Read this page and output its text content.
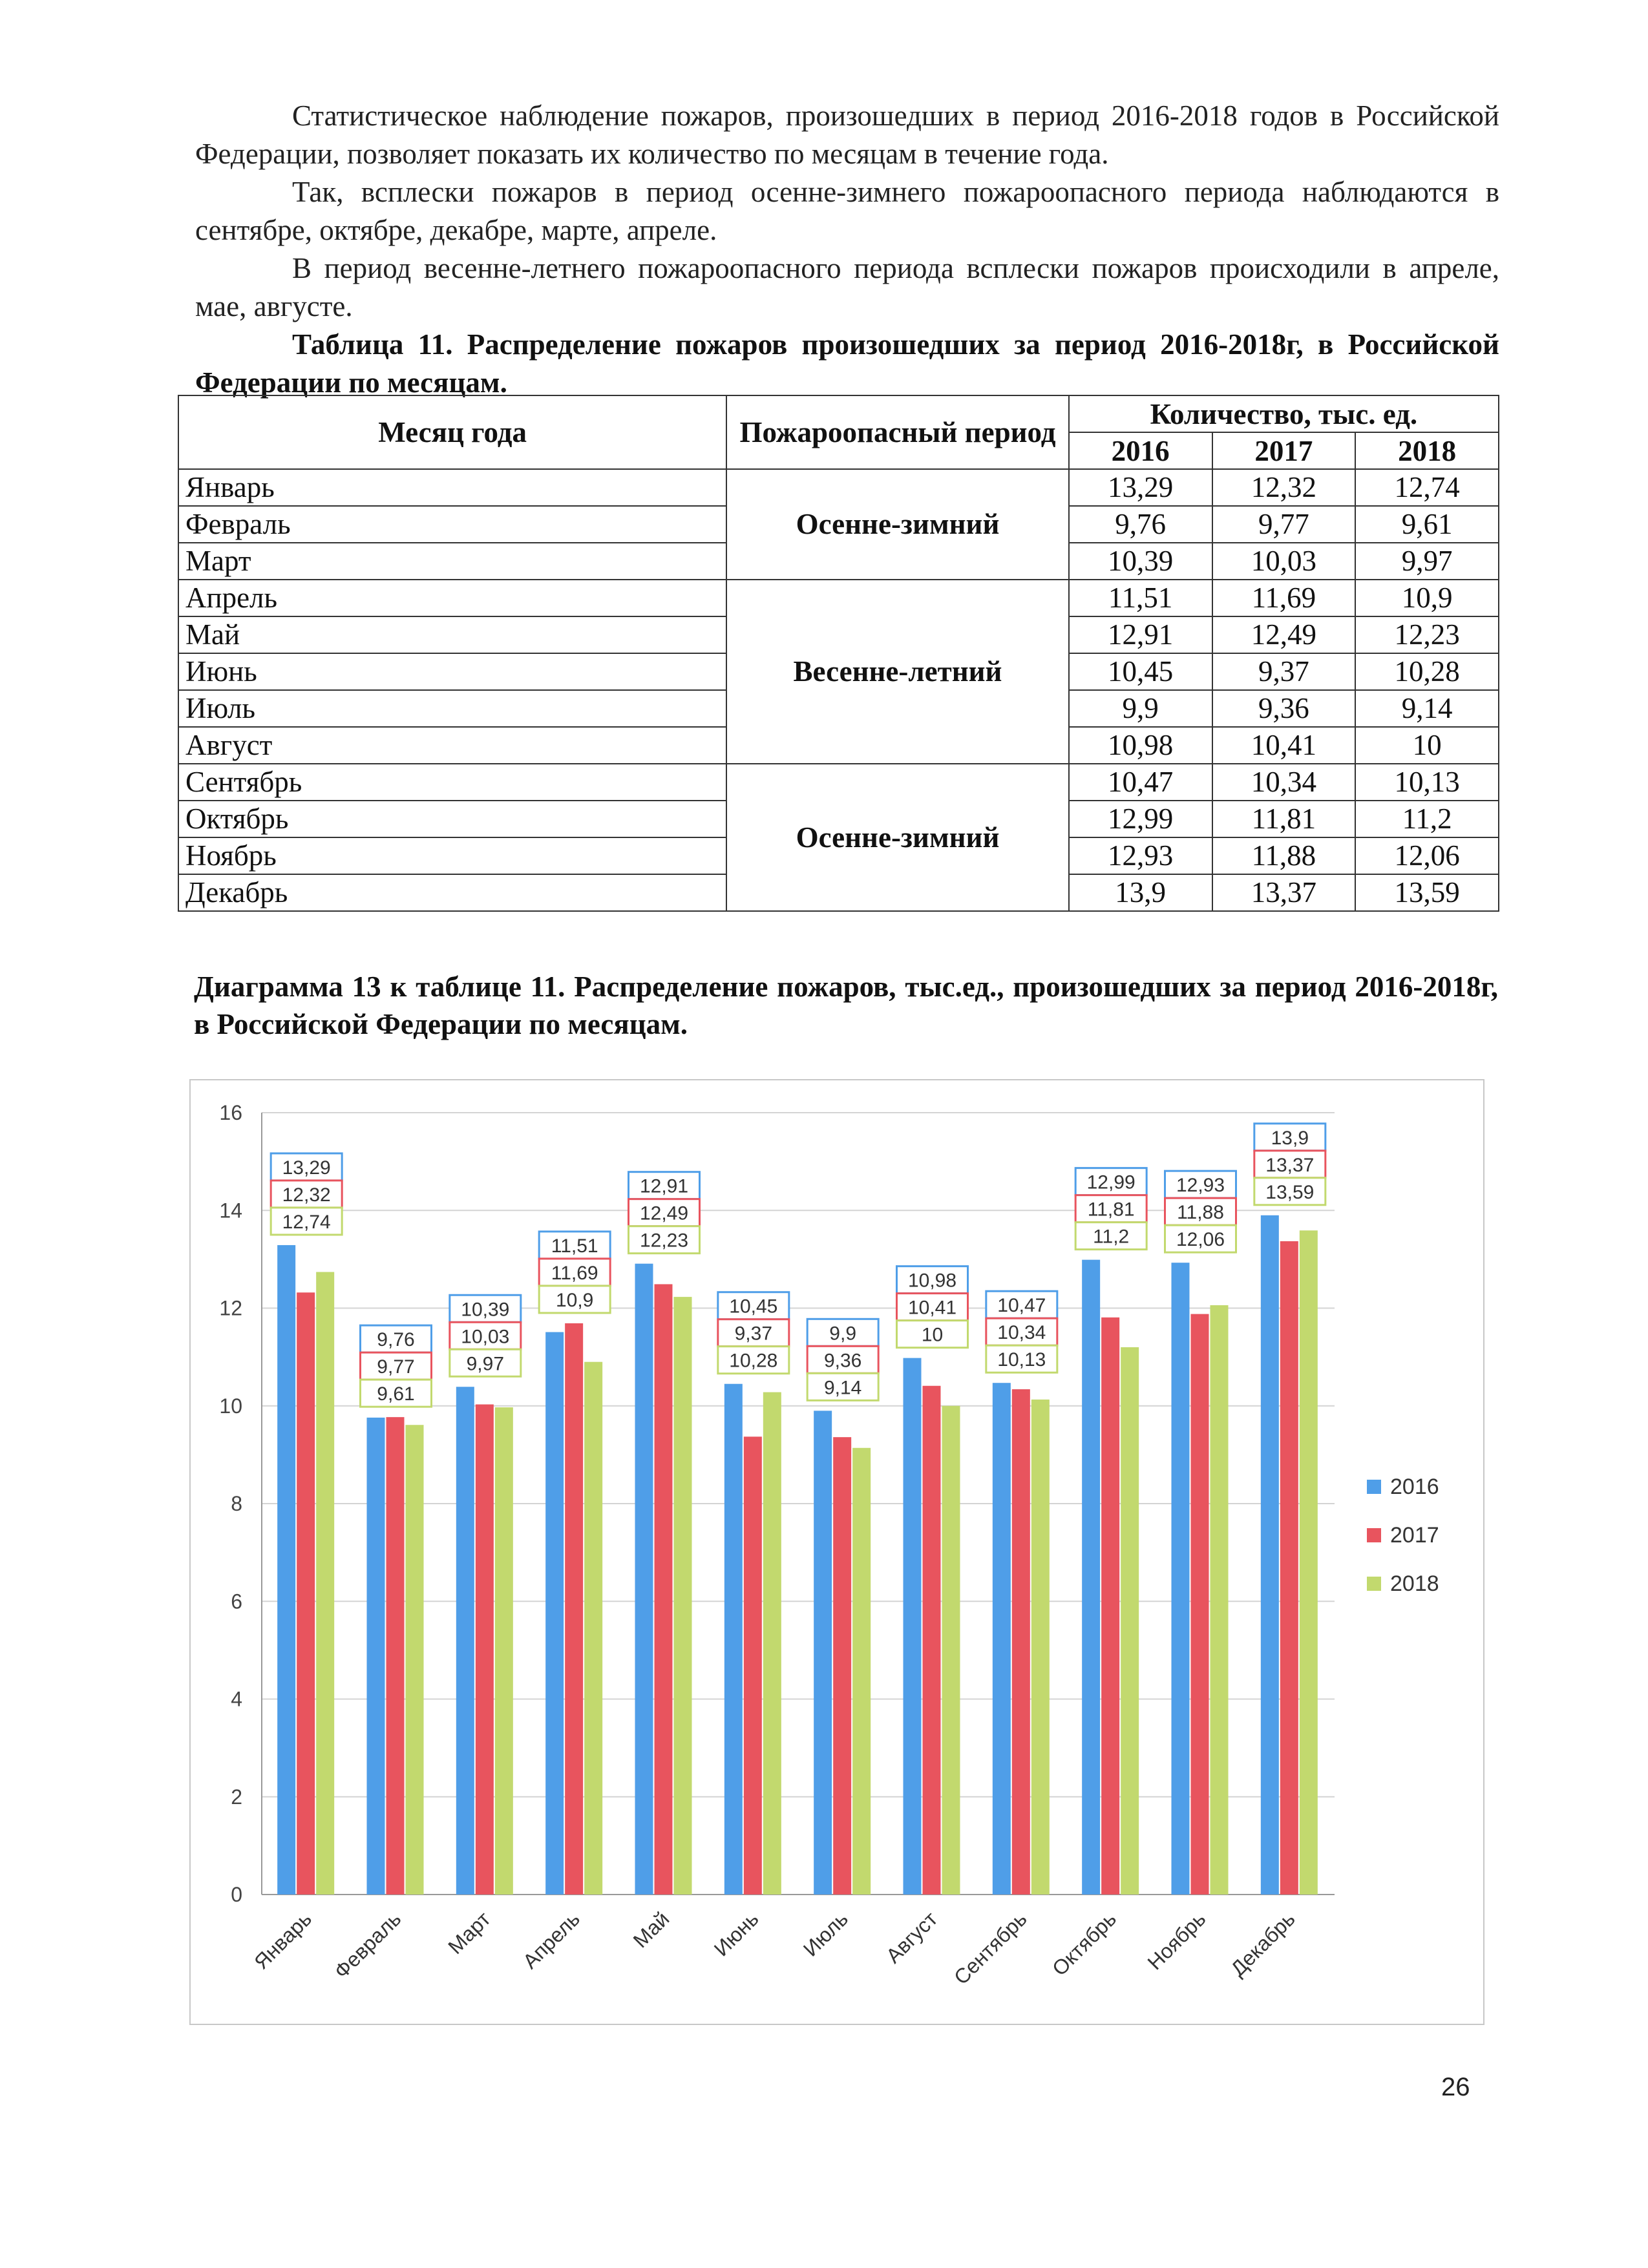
Статистическое наблюдение пожаров, произошедших в период 2016-2018 годов в Российской Федерации, позволяет показать их количество по месяцам в течение года.

Так, всплески пожаров в период осенне-зимнего пожароопасного периода наблюдаются в сентябре, октябре, декабре, марте, апреле.

В период весенне-летнего пожароопасного периода всплески пожаров происходили в апреле, мае, августе.

Таблица 11. Распределение пожаров произошедших за период 2016-2018г, в Российской Федерации по месяцам.

Месяц года	Пожароопасный период	Количество, тыс. ед.		
		2016	2017	2018
Январь	Осенне-зимний	13,29	12,32	12,74
Февраль		9,76	9,77	9,61
Март		10,39	10,03	9,97
Апрель	Весенне-летний	11,51	11,69	10,9
Май		12,91	12,49	12,23
Июнь		10,45	9,37	10,28
Июль		9,9	9,36	9,14
Август		10,98	10,41	10
Сентябрь	Осенне-зимний	10,47	10,34	10,13
Октябрь		12,99	11,81	11,2
Ноябрь		12,93	11,88	12,06
Декабрь		13,9	13,37	13,59
Диаграмма 13 к таблице 11. Распределение пожаров, тыс.ед., произошедших за период 2016-2018г, в Российской Федерации по месяцам.
0
2
4
6
8
10
12
14
16
13,29
12,32
12,74
Январь
9,76
9,77
9,61
Февраль
10,39
10,03
9,97
Март
11,51
11,69
10,9
Апрель
12,91
12,49
12,23
Май
10,45
9,37
10,28
Июнь
9,9
9,36
9,14
Июль
10,98
10,41
10
Август
10,47
10,34
10,13
Сентябрь
12,99
11,81
11,2
Октябрь
12,93
11,88
12,06
Ноябрь
13,9
13,37
13,59
Декабрь
2016
2017
2018
26
